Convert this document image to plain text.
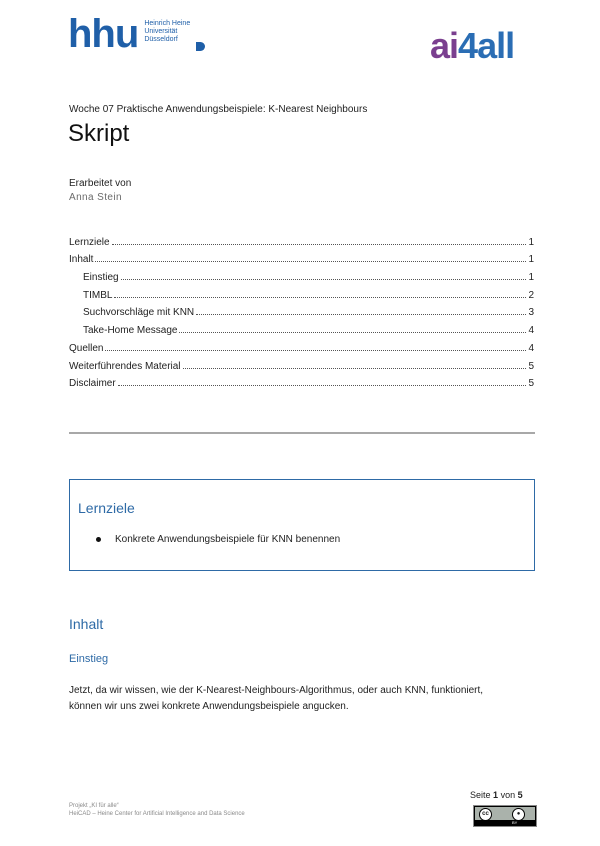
hhu Heinrich Heine
Universität
Düsseldorf	ai4all
Woche 07 Praktische Anwendungsbeispiele: K-Nearest Neighbours
Skript
Erarbeitet von
Anna Stein
Lernziele	1
Inhalt	1
Einstieg	1
TIMBL	2
Suchvorschläge mit KNN	3
Take-Home Message	4
Quellen	4
Weiterführendes Material	5
Disclaimer	5
Lernziele
Konkrete Anwendungsbeispiele für KNN benennen
Inhalt
Einstieg
Jetzt, da wir wissen, wie der K-Nearest-Neighbours-Algorithmus, oder auch KNN, funktioniert, können wir uns zwei konkrete Anwendungsbeispiele angucken.
Projekt „KI für alle“
HeiCAD – Heine Center for Artificial Intelligence and Data Science
Seite 1 von 5
cc	●
BY
